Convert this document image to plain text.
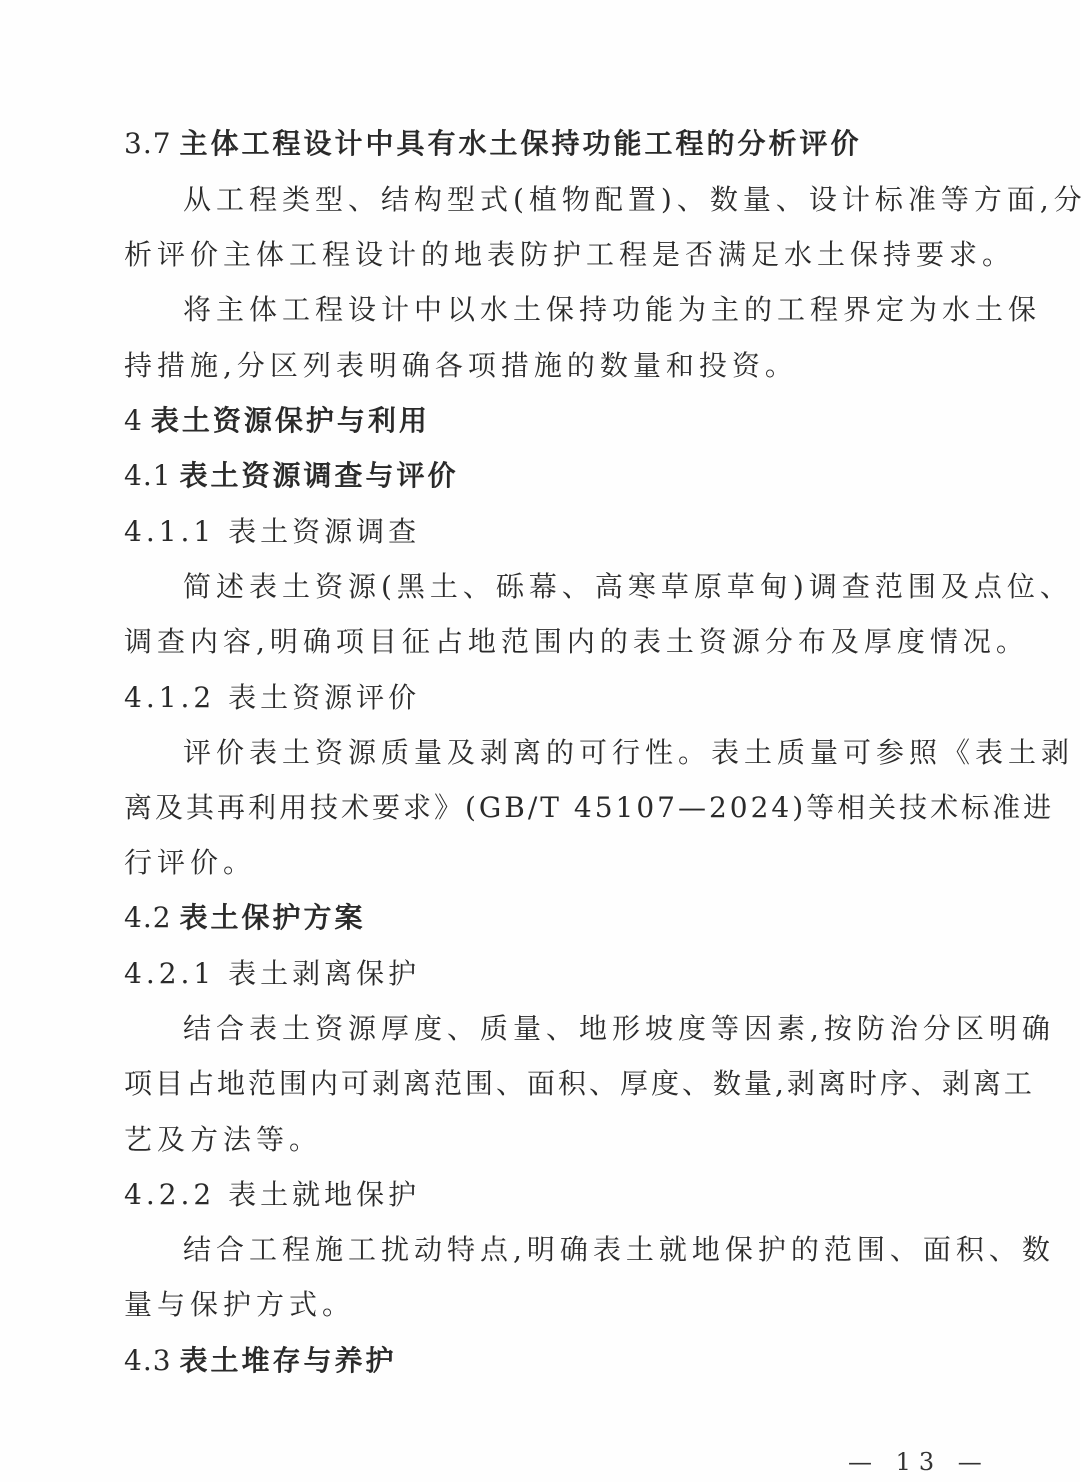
3.7 主体工程设计中具有水土保持功能工程的分析评价
从工程类型、结构型式(植物配置)、数量、设计标准等方面,分
析评价主体工程设计的地表防护工程是否满足水土保持要求。
将主体工程设计中以水土保持功能为主的工程界定为水土保
持措施,分区列表明确各项措施的数量和投资。
4 表土资源保护与利用
4.1 表土资源调查与评价
4.1.1 表土资源调查
简述表土资源(黑土、砾幕、高寒草原草甸)调查范围及点位、
调查内容,明确项目征占地范围内的表土资源分布及厚度情况。
4.1.2 表土资源评价
评价表土资源质量及剥离的可行性。表土质量可参照《表土剥
离及其再利用技术要求》(GB/T 45107—2024)等相关技术标准进
行评价。
4.2 表土保护方案
4.2.1 表土剥离保护
结合表土资源厚度、质量、地形坡度等因素,按防治分区明确
项目占地范围内可剥离范围、面积、厚度、数量,剥离时序、剥离工
艺及方法等。
4.2.2 表土就地保护
结合工程施工扰动特点,明确表土就地保护的范围、面积、数
量与保护方式。
4.3 表土堆存与养护
— 13 —
